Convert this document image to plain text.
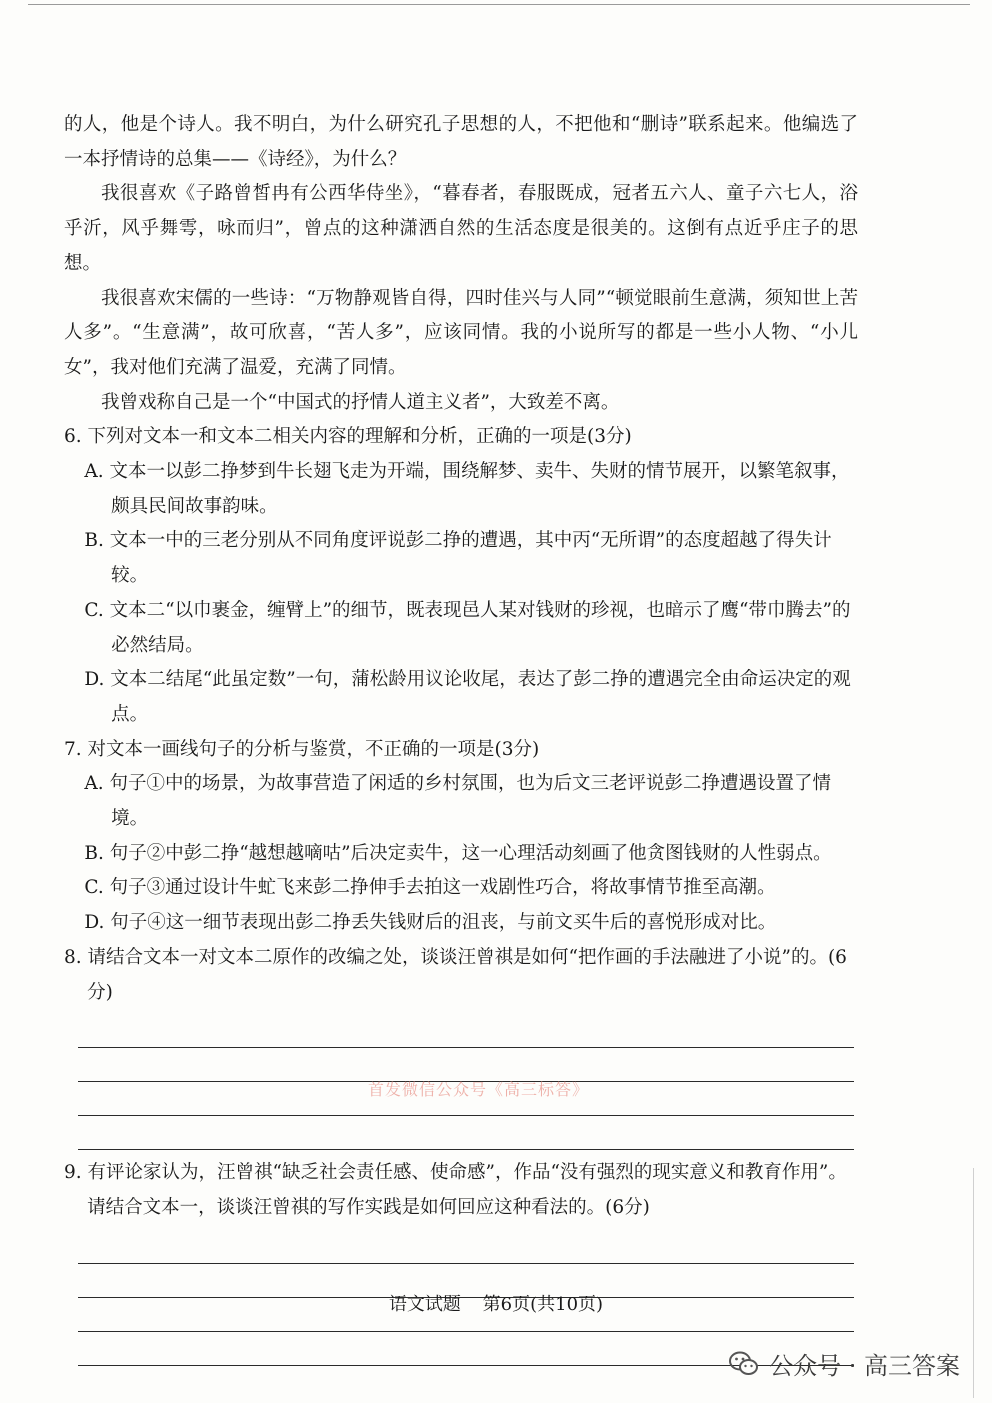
的人，他是个诗人。我不明白，为什么研究孔子思想的人，不把他和“删诗”联系起来。他编选了一本抒情诗的总集——《诗经》，为什么？

我很喜欢《子路曾皙冉有公西华侍坐》，“暮春者，春服既成，冠者五六人、童子六七人，浴乎沂，风乎舞雩，咏而归”，曾点的这种潇洒自然的生活态度是很美的。这倒有点近乎庄子的思想。

我很喜欢宋儒的一些诗：“万物静观皆自得，四时佳兴与人同”“顿觉眼前生意满，须知世上苦人多”。“生意满”，故可欣喜，“苦人多”，应该同情。我的小说所写的都是一些小人物、“小儿女”，我对他们充满了温爱，充满了同情。

我曾戏称自己是一个“中国式的抒情人道主义者”，大致差不离。

6. 下列对文本一和文本二相关内容的理解和分析，正确的一项是(3分)

A. 文本一以彭二挣梦到牛长翅飞走为开端，围绕解梦、卖牛、失财的情节展开，以繁笔叙事，颇具民间故事韵味。

B. 文本一中的三老分别从不同角度评说彭二挣的遭遇，其中丙“无所谓”的态度超越了得失计较。

C. 文本二“以巾裹金，缠臂上”的细节，既表现邑人某对钱财的珍视，也暗示了鹰“带巾腾去”的必然结局。

D. 文本二结尾“此虽定数”一句，蒲松龄用议论收尾，表达了彭二挣的遭遇完全由命运决定的观点。

7. 对文本一画线句子的分析与鉴赏，不正确的一项是(3分)

A. 句子①中的场景，为故事营造了闲适的乡村氛围，也为后文三老评说彭二挣遭遇设置了情境。

B. 句子②中彭二挣“越想越嘀咕”后决定卖牛，这一心理活动刻画了他贪图钱财的人性弱点。

C. 句子③通过设计牛虻飞来彭二挣伸手去拍这一戏剧性巧合，将故事情节推至高潮。

D. 句子④这一细节表现出彭二挣丢失钱财后的沮丧，与前文买牛后的喜悦形成对比。

8. 请结合文本一对文本二原作的改编之处，谈谈汪曾祺是如何“把作画的手法融进了小说”的。(6分)

9. 有评论家认为，汪曾祺“缺乏社会责任感、使命感”，作品“没有强烈的现实意义和教育作用”。请结合文本一，谈谈汪曾祺的写作实践是如何回应这种看法的。(6分)

首发微信公众号《高三标答》
语文试题 第6页(共10页)
公众号 · 高三答案
